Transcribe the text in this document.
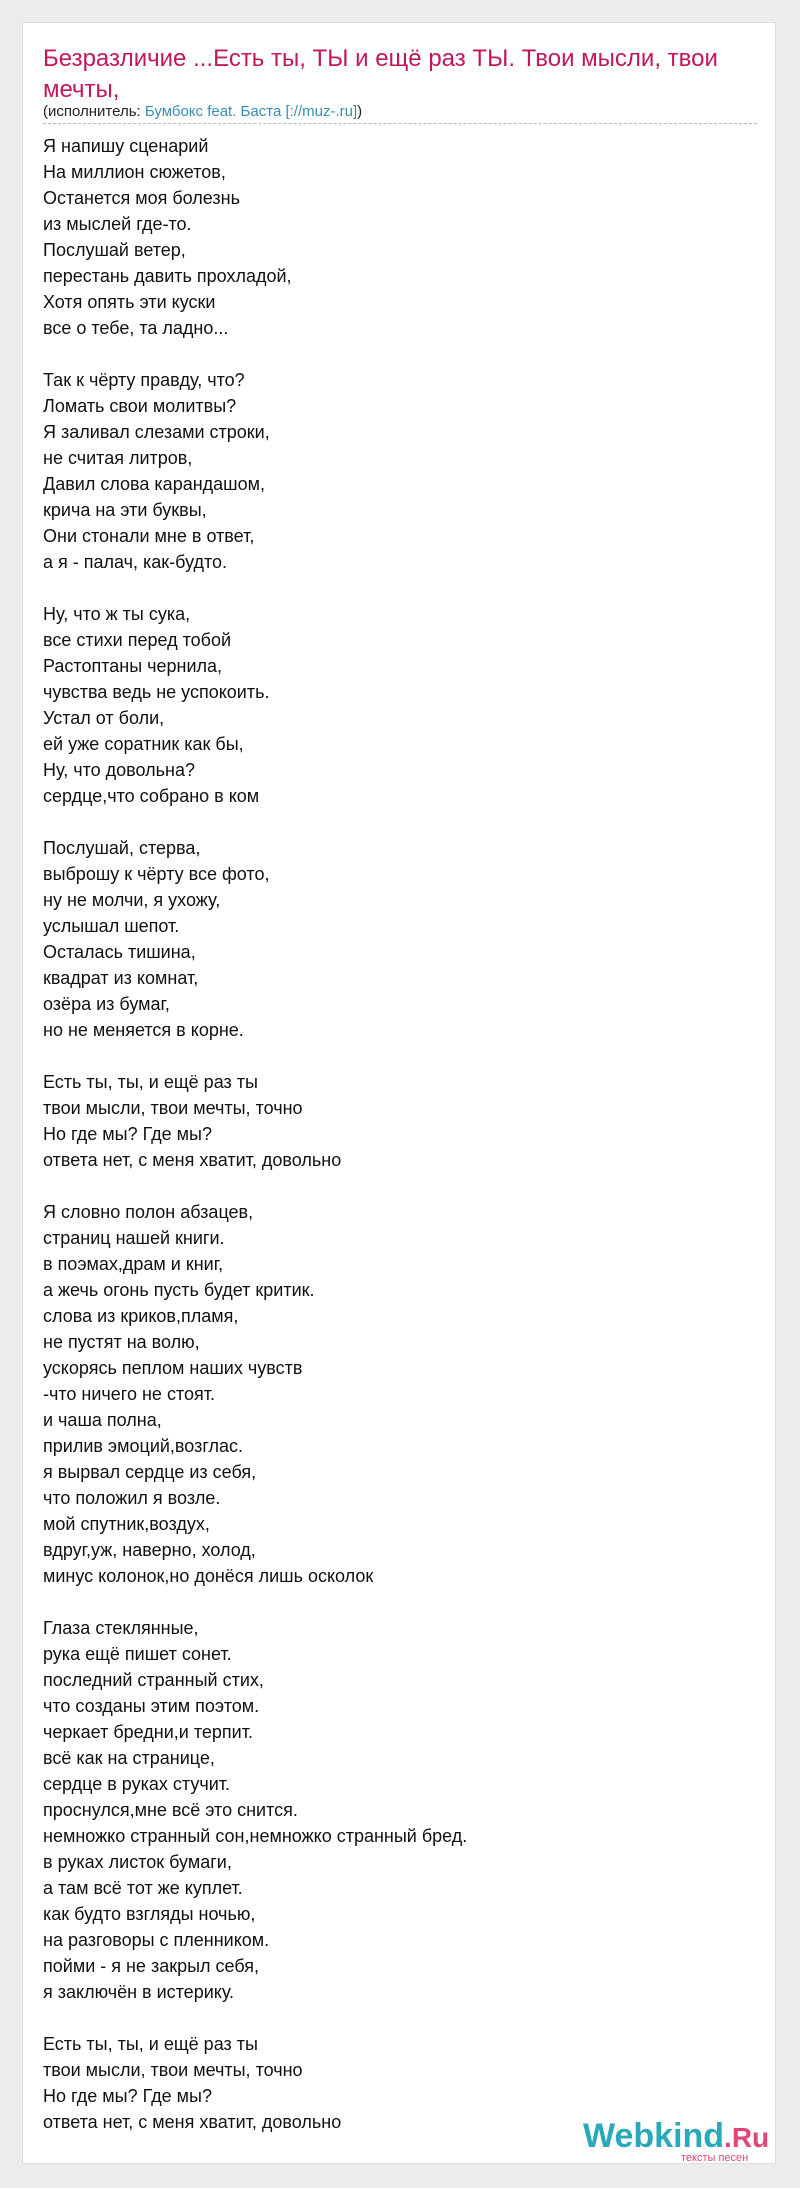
Безразличие ...Есть ты, ТЫ и ещё раз ТЫ. Твои мысли, твои мечты,
(исполнитель: Бумбокс feat. Баста [://muz-.ru])
Я напишу сценарий
На миллион сюжетов,
Останется моя болезнь
из мыслей где-то.
Послушай ветер,
перестань давить прохладой,
Хотя опять эти куски
все о тебе, та ладно...
Так к чёрту правду, что?
Ломать свои молитвы?
Я заливал слезами строки,
не считая литров,
Давил слова карандашом,
крича на эти буквы,
Они стонали мне в ответ,
а я - палач, как-будто.
Ну, что ж ты сука,
все стихи перед тобой
Растоптаны чернила,
чувства ведь не успокоить.
Устал от боли,
ей уже соратник как бы,
Ну, что довольна?
сердце,что собрано в ком
Послушай, стерва,
выброшу к чёрту все фото,
ну не молчи, я ухожу,
услышал шепот.
Осталась тишина,
квадрат из комнат,
озёра из бумаг,
но не меняется в корне.
Есть ты, ты, и ещё раз ты
твои мысли, твои мечты, точно
Но где мы? Где мы?
ответа нет, с меня хватит, довольно
Я словно полон абзацев,
страниц нашей книги.
в поэмах,драм и книг,
а жечь огонь пусть будет критик.
слова из криков,пламя,
не пустят на волю,
ускорясь пеплом наших чувств
-что ничего не стоят.
и чаша полна,
прилив эмоций,возглас.
я вырвал сердце из себя,
что положил я возле.
мой спутник,воздух,
вдруг,уж, наверно, холод,
минус колонок,но донёся лишь осколок
Глаза стеклянные,
рука ещё пишет сонет.
последний странный стих,
что созданы этим поэтом.
черкает бредни,и терпит.
всё как на странице,
сердце в руках стучит.
проснулся,мне всё это снится.
немножко странный сон,немножко странный бред.
в руках листок бумаги,
а там всё тот же куплет.
как будто взгляды ночью,
на разговоры с пленником.
пойми - я не закрыл себя,
я заключён в истерику.
Есть ты, ты, и ещё раз ты
твои мысли, твои мечты, точно
Но где мы? Где мы?
ответа нет, с меня хватит, довольно	Webkind.Ru
тексты песен
